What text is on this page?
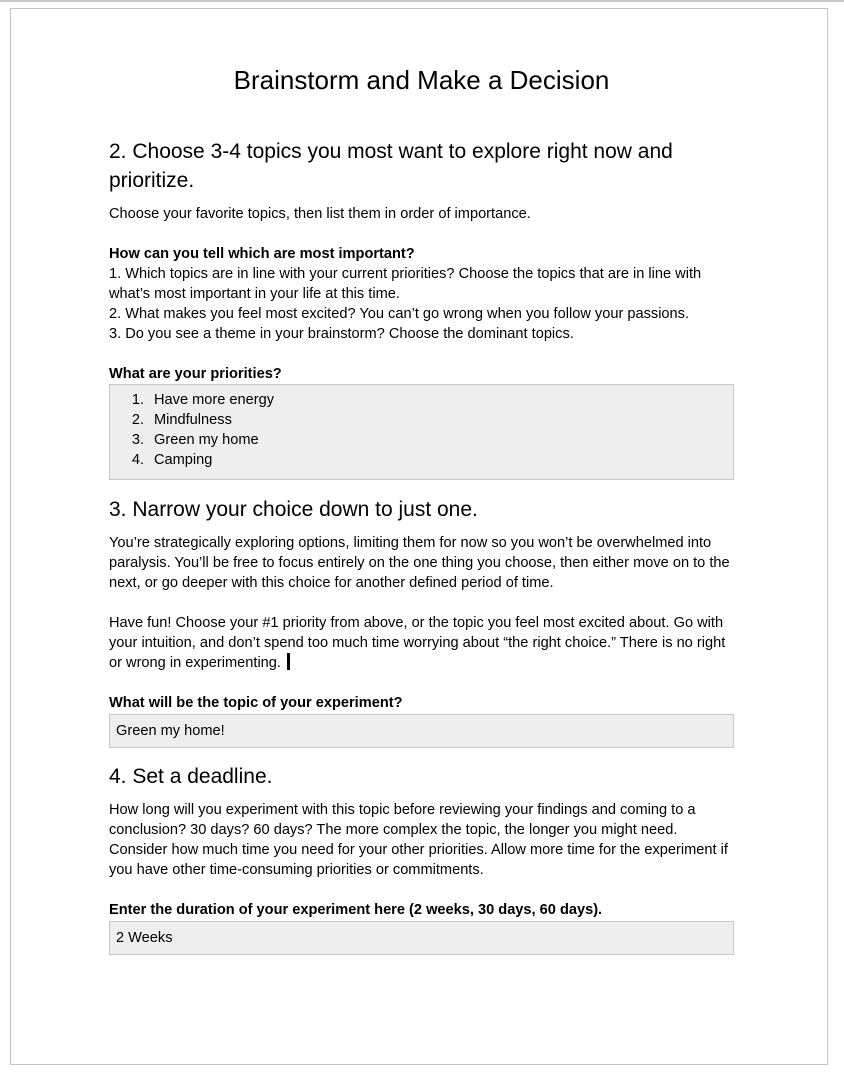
Brainstorm and Make a Decision
2. Choose 3-4 topics you most want to explore right now and
prioritize.
Choose your favorite topics, then list them in order of importance.
How can you tell which are most important?
1. Which topics are in line with your current priorities? Choose the topics that are in line with
what’s most important in your life at this time.
2. What makes you feel most excited? You can’t go wrong when you follow your passions.
3. Do you see a theme in your brainstorm? Choose the dominant topics.
What are your priorities?
1. Have more energy
2. Mindfulness
3. Green my home
4. Camping
3. Narrow your choice down to just one.
You’re strategically exploring options, limiting them for now so you won’t be overwhelmed into
paralysis. You’ll be free to focus entirely on the one thing you choose, then either move on to the
next, or go deeper with this choice for another defined period of time.
Have fun! Choose your #1 priority from above, or the topic you feel most excited about. Go with
your intuition, and don’t spend too much time worrying about “the right choice.” There is no right
or wrong in experimenting.
What will be the topic of your experiment?
Green my home!
4. Set a deadline.
How long will you experiment with this topic before reviewing your findings and coming to a
conclusion? 30 days? 60 days? The more complex the topic, the longer you might need.
Consider how much time you need for your other priorities. Allow more time for the experiment if
you have other time-consuming priorities or commitments.
Enter the duration of your experiment here (2 weeks, 30 days, 60 days).
2 Weeks
